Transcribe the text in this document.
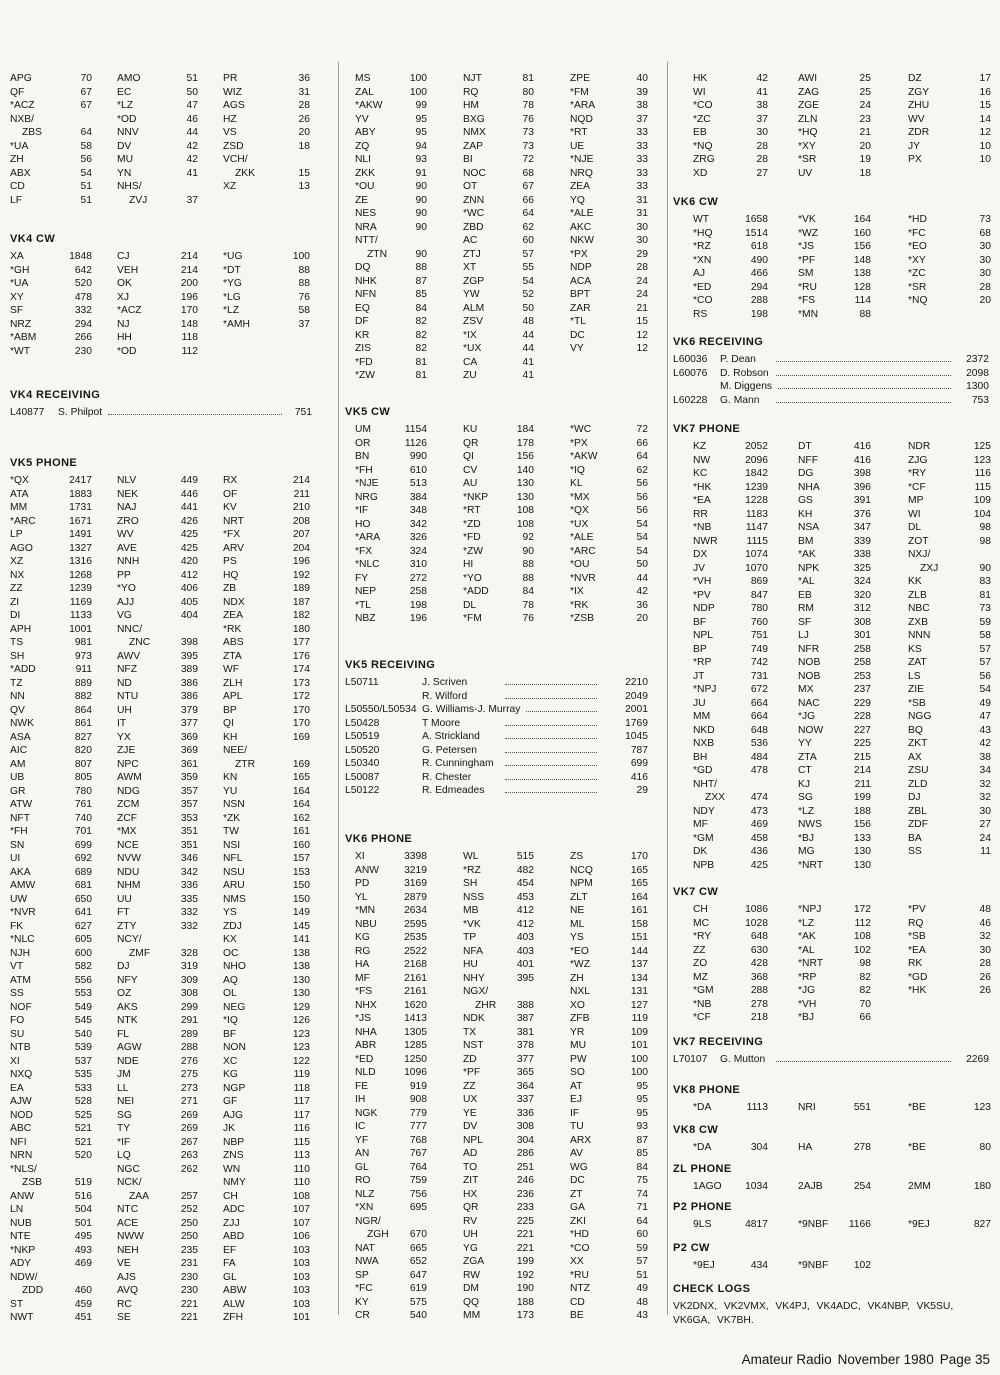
APG	70 AMO	51 PR	36
QF	67 EC	50 WIZ	31
*ACZ	67 *LZ	47 AGS	28
NXB/	*OD	46 HZ	26
ZBS	64 NNV	44 VS	20
*UA	58 DV	42 ZSD	18
ZH	56 MU	42 VCH/
ABX	54 YN	41	ZKK	15
CD	51 NHS/	XZ	13
LF	51	ZVJ	37
VK4 CW
XA	1848 CJ	214 *UG	100
*GH	642 VEH	214 *DT	88
*UA	520 OK	200 *YG	88
XY	478 XJ	196 *LG	76
SF	332 *ACZ	170 *LZ	58
NRZ	294 NJ	148 *AMH	37
*ABM	266 HH	118
*WT	230 *OD	112
VK4 RECEIVING
L40877 S. Philpot	751
VK5 PHONE
*QX	2417 NLV	449 RX	214
ATA	1883 NEK	446 OF	211
MM	1731 NAJ	441 KV	210
*ARC	1671 ZRO	426 NRT	208
LP	1491 WV	425 *FX	207
AGO	1327 AVE	425 ARV	204
XZ	1316 NNH	420 PS	196
NX	1268 PP	412 HQ	192
ZZ	1239 *YO	406 ZB	189
ZI	1169 AJJ	405 NDX	187
DI	1133 VG	404 ZEA	182
APH	1001 NNC/	*RK	180
TS	981	ZNC	398 ABS	177
SH	973 AWV	395 ZTA	176
*ADD	911 NFZ	389 WF	174
TZ	889 ND	386 ZLH	173
NN	882 NTU	386 APL	172
QV	864 UH	379 BP	170
NWK	861 IT	377 QI	170
ASA	827 YX	369 KH	169
AIC	820 ZJE	369 NEE/
AM	807 NPC	361	ZTR	169
UB	805 AWM	359 KN	165
GR	780 NDG	357 YU	164
ATW	761 ZCM	357 NSN	164
NFT	740 ZCF	353 *ZK	162
*FH	701 *MX	351 TW	161
SN	699 NCE	351 NSI	160
UI	692 NVW	346 NFL	157
AKA	689 NDU	342 NSU	153
AMW	681 NHM	336 ARU	150
UW	650 UU	335 NMS	150
*NVR	641 FT	332 YS	149
FK	627 ZTY	332 ZDJ	145
*NLC	605 NCY/	KX	141
NJH	600	ZMF	328 OC	138
VT	582 DJ	319 NHO	138
ATM	556 NFY	309 AQ	130
SS	553 OZ	308 OL	130
NOF	549 AKS	299 NEG	129
FO	545 NTK	291 *IQ	126
SU	540 FL	289 BF	123
NTB	539 AGW	288 NON	123
XI	537 NDE	276 XC	122
NXQ	535 JM	275 KG	119
EA	533 LL	273 NGP	118
AJW	528 NEI	271 GF	117
NOD	525 SG	269 AJG	117
ABC	521 TY	269 JK	116
NFI	521 *IF	267 NBP	115
NRN	520 LQ	263 ZNS	113
*NLS/	NGC	262 WN	110
ZSB	519 NCK/	NMY	110
ANW	516	ZAA	257 CH	108
LN	504 NTC	252 ADC	107
NUB	501 ACE	250 ZJJ	107
NTE	495 NWW	250 ABD	106
*NKP	493 NEH	235 EF	103
ADY	469 VE	231 FA	103
NDW/	AJS	230 GL	103
ZDD	460 AVQ	230 ABW	103
ST	459 RC	221 ALW	103
NWT	451 SE	221 ZFH	101
MS	100	NJT	81	ZPE	40
ZAL	100	RQ	80	*FM	39
*AKW	99	HM	78	*ARA	38
YV	95	BXG	76	NQD	37
ABY	95	NMX	73	*RT	33
ZQ	94	ZAP	73	UE	33
NLI	93	BI	72	*NJE	33
ZKK	91	NOC	68	NRQ	33
*OU	90	OT	67	ZEA	33
ZE	90	ZNN	66	YQ	31
NES	90	*WC	64	*ALE	31
NRA	90	ZBD	62	AKC	30
NTT/	AC	60	NKW	30
ZTN	90	ZTJ	57	*PX	29
DQ	88	XT	55	NDP	28
NHK	87	ZGP	54	ACA	24
NFN	85	YW	52	BPT	24
EQ	84	ALM	50	ZAR	21
DF	82	ZSV	48	*TL	15
KR	82	*IX	44	DC	12
ZIS	82	*UX	44	VY	12
*FD	81	CA	41
*ZW	81	ZU	41
VK5 CW
UM	1154	KU	184	*WC	72
OR	1126	QR	178	*PX	66
BN	990	QI	156	*AKW	64
*FH	610	CV	140	*IQ	62
*NJE	513	AU	130	KL	56
NRG	384	*NKP	130	*MX	56
*IF	348	*RT	108	*QX	56
HO	342	*ZD	108	*UX	54
*ARA	326	*FD	92	*ALE	54
*FX	324	*ZW	90	*ARC	54
*NLC	310	HI	88	*OU	50
FY	272	*YO	88	*NVR	44
NEP	258	*ADD	84	*IX	42
*TL	198	DL	78	*RK	36
NBZ	196	*FM	76	*ZSB	20
VK5 RECEIVING
L50711	J. Scriven	2210
R. Wilford	2049
L50550/L50534 G. Williams-J. Murray	2001
L50428	T Moore	1769
L50519	A. Strickland	1045
L50520	G. Petersen	787
L50340	R. Cunningham	699
L50087	R. Chester	416
L50122	R. Edmeades	29
VK6 PHONE
XI	3398	WL	515	ZS	170
ANW	3219	*RZ	482	NCQ	165
PD	3169	SH	454	NPM	165
YL	2879	NSS	453	ZLT	164
*MN	2634	MB	412	NE	161
NBU	2595	*VK	412	ML	158
KG	2535	TP	403	YS	151
RG	2522	NFA	403	*EO	144
HA	2168	HU	401	*WZ	137
MF	2161	NHY	395	ZH	134
*FS	2161	NGX/	NXL	131
NHX	1620	ZHR	388	XO	127
*JS	1413	NDK	387	ZFB	119
NHA	1305	TX	381	YR	109
ABR	1285	NST	378	MU	101
*ED	1250	ZD	377	PW	100
NLD	1096	*PF	365	SO	100
FE	919	ZZ	364	AT	95
IH	908	UX	337	EJ	95
NGK	779	YE	336	IF	95
IC	777	DV	308	TU	93
YF	768	NPL	304	ARX	87
AN	767	AD	286	AV	85
GL	764	TO	251	WG	84
RO	759	ZIT	246	DC	75
NLZ	756	HX	236	ZT	74
*XN	695	QR	233	GA	71
NGR/	RV	225	ZKI	64
ZGH	670	UH	221	*HD	60
NAT	665	YG	221	*CO	59
NWA	652	ZGA	199	XX	57
SP	647	RW	192	*RU	51
*FC	619	DM	190	NTZ	49
KY	575	QQ	188	CD	48
CR	540	MM	173	BE	43
HK	42	AWI	25	DZ	17
WI	41	ZAG	25	ZGY	16
*CO	38	ZGE	24	ZHU	15
*ZC	37	ZLN	23	WV	14
EB	30	*HQ	21	ZDR	12
*NQ	28	*XY	20	JY	10
ZRG	28	*SR	19	PX	10
XD	27	UV	18
VK6 CW
WT	1658	*VK	164	*HD	73
*HQ	1514	*WZ	160	*FC	68
*RZ	618	*JS	156	*EO	30
*XN	490	*PF	148	*XY	30
AJ	466	SM	138	*ZC	30
*ED	294	*RU	128	*SR	28
*CO	288	*FS	114	*NQ	20
RS	198	*MN	88
VK6 RECEIVING
L60036 P. Dean	2372
L60076 D. Robson	2098
M. Diggens	1300
L60228 G. Mann	753
VK7 PHONE
KZ	2052	DT	416	NDR	125
NW	2096	NFF	416	ZJG	123
KC	1842	DG	398	*RY	116
*HK	1239	NHA	396	*CF	115
*EA	1228	GS	391	MP	109
RR	1183	KH	376	WI	104
*NB	1147	NSA	347	DL	98
NWR	1115	BM	339	ZOT	98
DX	1074	*AK	338	NXJ/
JV	1070	NPK	325	ZXJ	90
*VH	869	*AL	324	KK	83
*PV	847	EB	320	ZLB	81
NDP	780	RM	312	NBC	73
BF	760	SF	308	ZXB	59
NPL	751	LJ	301	NNN	58
BP	749	NFR	258	KS	57
*RP	742	NOB	258	ZAT	57
JT	731	NOB	253	LS	56
*NPJ	672	MX	237	ZIE	54
JU	664	NAC	229	*SB	49
MM	664	*JG	228	NGG	47
NKD	648	NOW	227	BQ	43
NXB	536	YY	225	ZKT	42
BH	484	ZTA	215	AX	38
*GD	478	CT	214	ZSU	34
NHT/	KJ	211	ZLD	32
ZXX	474	SG	199	DJ	32
NDY	473	*LZ	188	ZBL	30
MF	469	NWS	156	ZDF	27
*GM	458	*BJ	133	BA	24
DK	436	MG	130	SS	11
NPB	425	*NRT	130
VK7 CW
CH	1086	*NPJ	172	*PV	48
MC	1028	*LZ	112	RQ	46
*RY	648	*AK	108	*SB	32
ZZ	630	*AL	102	*EA	30
ZO	428	*NRT	98	RK	28
MZ	368	*RP	82	*GD	26
*GM	288	*JG	82	*HK	26
*NB	278	*VH	70
*CF	218	*BJ	66
VK7 RECEIVING
L70107 G. Mutton	2269
VK8 PHONE
*DA	1113	NRI	551	*BE	123
VK8 CW
*DA	304	HA	278	*BE	80
ZL PHONE
1AGO	1034	2AJB	254	2MM	180
P2 PHONE
9LS	4817	*9NBF	1166	*9EJ	827
P2 CW
*9EJ	434	*9NBF	102
CHECK LOGS
VK2DNX, VK2VMX, VK4PJ, VK4ADC, VK4NBP, VK5SU, VK6GA, VK7BH.
Amateur Radio November 1980 Page 35
